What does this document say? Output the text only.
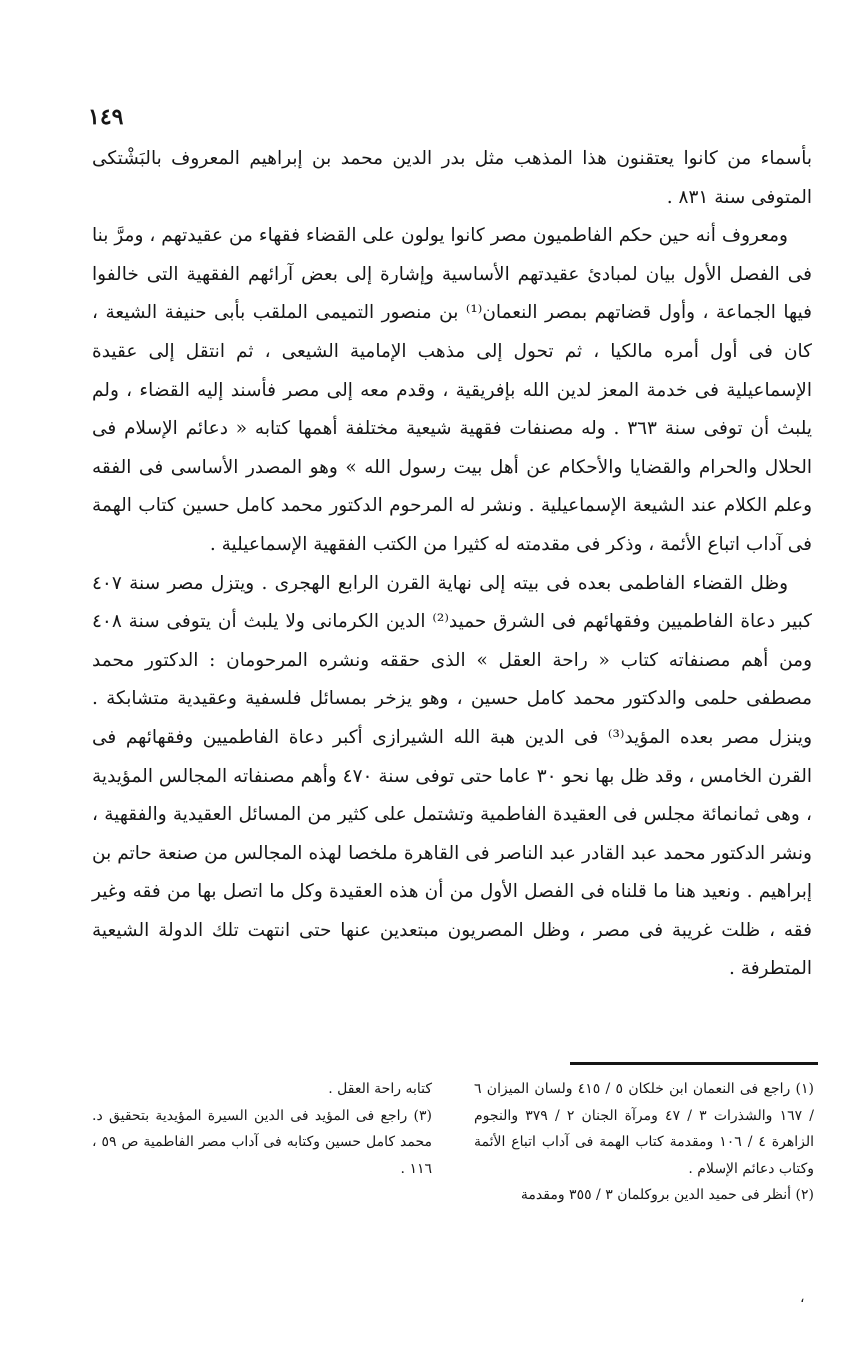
١٤٩

بأسماء من كانوا يعتقنون هذا المذهب مثل بدر الدين محمد بن إبراهيم المعروف بالبَشْتكى المتوفى سنة ٨٣١ .

ومعروف أنه حين حكم الفاطميون مصر كانوا يولون على القضاء فقهاء من عقيدتهم ، ومرَّ بنا فى الفصل الأول بيان لمبادئ عقيدتهم الأساسية وإشارة إلى بعض آرائهم الفقهية التى خالفوا فيها الجماعة ، وأول قضاتهم بمصر النعمان⁽¹⁾ بن منصور التميمى الملقب بأبى حنيفة الشيعة ، كان فى أول أمره مالكيا ، ثم تحول إلى مذهب الإمامية الشيعى ، ثم انتقل إلى عقيدة الإسماعيلية فى خدمة المعز لدين الله بإفريقية ، وقدم معه إلى مصر فأسند إليه القضاء ، ولم يلبث أن توفى سنة ٣٦٣ . وله مصنفات فقهية شيعية مختلفة أهمها كتابه « دعائم الإسلام فى الحلال والحرام والقضايا والأحكام عن أهل بيت رسول الله » وهو المصدر الأساسى فى الفقه وعلم الكلام عند الشيعة الإسماعيلية . ونشر له المرحوم الدكتور محمد كامل حسين كتاب الهمة فى آداب اتباع الأئمة ، وذكر فى مقدمته له كثيرا من الكتب الفقهية الإسماعيلية .

وظل القضاء الفاطمى بعده فى بيته إلى نهاية القرن الرابع الهجرى . ويتزل مصر سنة ٤٠٧ كبير دعاة الفاطميين وفقهائهم فى الشرق حميد⁽²⁾ الدين الكرمانى ولا يلبث أن يتوفى سنة ٤٠٨ ومن أهم مصنفاته كتاب « راحة العقل » الذى حققه ونشره المرحومان : الدكتور محمد مصطفى حلمى والدكتور محمد كامل حسين ، وهو يزخر بمسائل فلسفية وعقيدية متشابكة . وينزل مصر بعده المؤيد⁽³⁾ فى الدين هبة الله الشيرازى أكبر دعاة الفاطميين وفقهائهم فى القرن الخامس ، وقد ظل بها نحو ٣٠ عاما حتى توفى سنة ٤٧٠ وأهم مصنفاته المجالس المؤيدية ، وهى ثمانمائة مجلس فى العقيدة الفاطمية وتشتمل على كثير من المسائل العقيدية والفقهية ، ونشر الدكتور محمد عبد القادر عبد الناصر فى القاهرة ملخصا لهذه المجالس من صنعة حاتم بن إبراهيم . ونعيد هنا ما قلناه فى الفصل الأول من أن هذه العقيدة وكل ما اتصل بها من فقه وغير فقه ، ظلت غريبة فى مصر ، وظل المصريون مبتعدين عنها حتى انتهت تلك الدولة الشيعية المتطرفة .

(١) راجع فى النعمان ابن خلكان ٥ / ٤١٥ ولسان الميزان ٦ / ١٦٧ والشذرات ٣ / ٤٧ ومرآة الجنان ٢ / ٣٧٩ والنجوم الزاهرة ٤ / ١٠٦ ومقدمة كتاب الهمة فى آداب اتباع الأئمة وكتاب دعائم الإسلام .

(٢) أنظر فى حميد الدين بروكلمان ٣ / ٣٥٥ ومقدمة

كتابه راحة العقل .

(٣) راجع فى المؤيد فى الدين السيرة المؤيدية بتحقيق د. محمد كامل حسين وكتابه فى آداب مصر الفاطمية ص ٥٩ ، ١١٦ .

،
